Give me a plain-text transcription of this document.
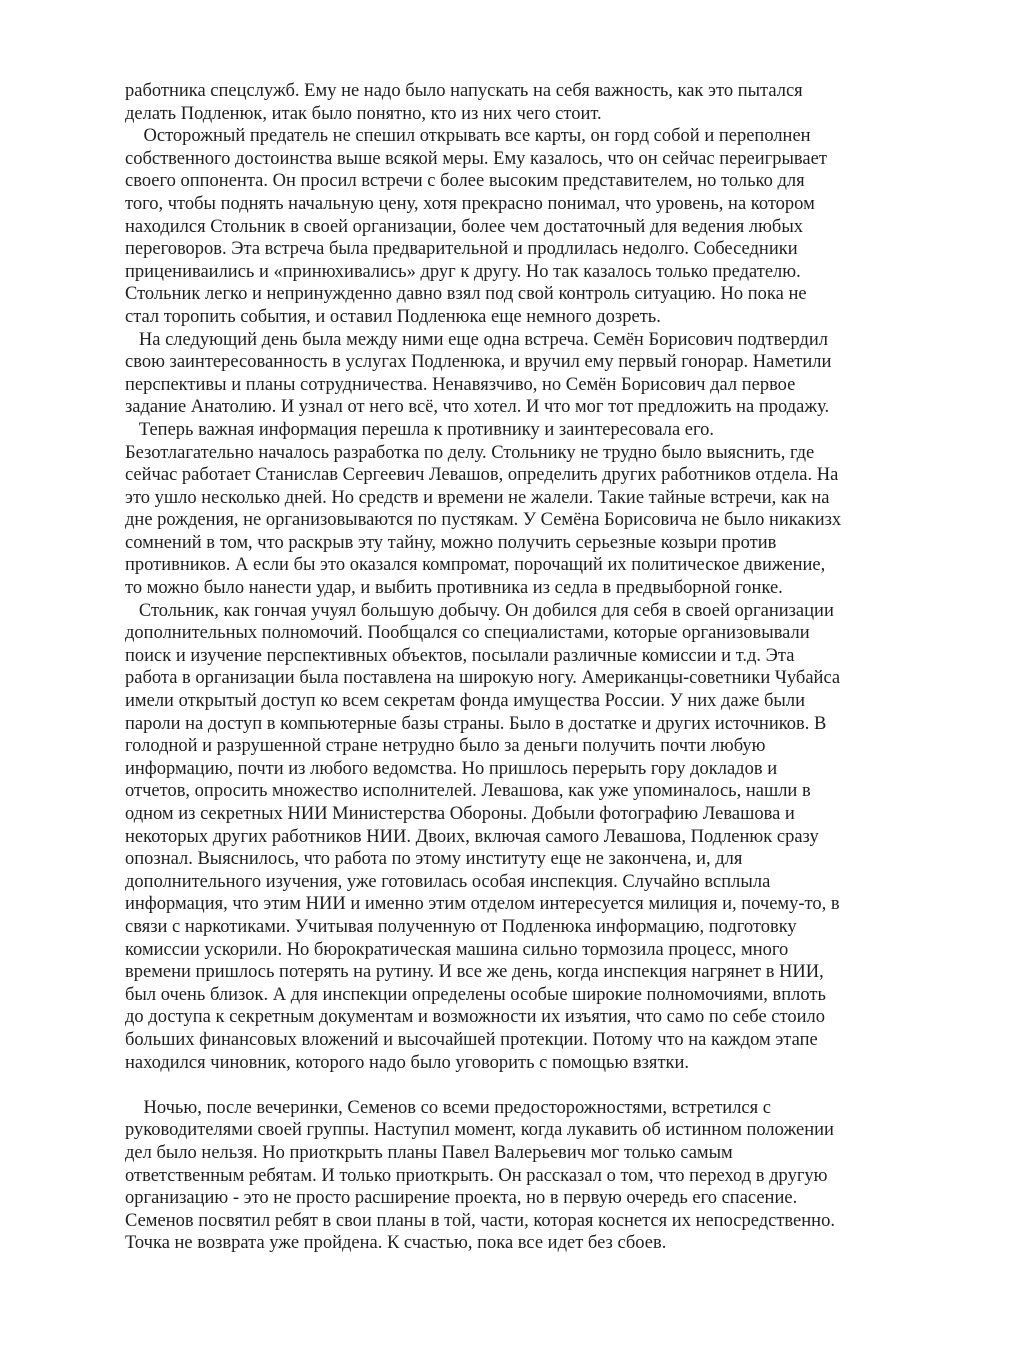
работника спецслужб. Ему не надо было напускать на себя важность, как это пытался
делать Подленюк, итак было понятно, кто из них чего стоит.
Осторожный предатель не спешил открывать все карты, он горд собой и переполнен
собственного достоинства выше всякой меры. Ему казалось, что он сейчас переигрывает
своего оппонента. Он просил встречи с более высоким представителем, но только для
того, чтобы поднять начальную цену, хотя прекрасно понимал, что уровень, на котором
находился Стольник в своей организации, более чем достаточный для ведения любых
переговоров. Эта встреча была предварительной и продлилась недолго. Собеседники
прицениваились и «принюхивались» друг к другу. Но так казалось только предателю.
Стольник легко и непринужденно давно взял под свой контроль ситуацию. Но пока не
стал торопить события, и оставил Подленюка еще немного дозреть.
На следующий день была между ними еще одна встреча. Семён Борисович подтвердил
свою заинтересованность в услугах Подленюка, и вручил ему первый гонорар. Наметили
перспективы и планы сотрудничества. Ненавязчиво, но Семён Борисович дал первое
задание Анатолию. И узнал от него всё, что хотел. И что мог тот предложить на продажу.
Теперь важная информация перешла к противнику и заинтересовала его.
Безотлагательно началось разработка по делу. Стольнику не трудно было выяснить, где
сейчас работает Станислав Сергеевич Левашов, определить других работников отдела. На
это ушло несколько дней. Но средств и времени не жалели. Такие тайные встречи, как на
дне рождения, не организовываются по пустякам. У Семёна Борисовича не было никакизх
сомнений в том, что раскрыв эту тайну, можно получить серьезные козыри против
противников. А если бы это оказался компромат, порочащий их политическое движение,
то можно было нанести удар, и выбить противника из седла в предвыборной гонке.
Стольник, как гончая учуял большую добычу. Он добился для себя в своей организации
дополнительных полномочий. Пообщался со специалистами, которые организовывали
поиск и изучение перспективных объектов, посылали различные комиссии и т.д. Эта
работа в организации была поставлена на широкую ногу. Американцы-советники Чубайса
имели открытый доступ ко всем секретам фонда имущества России. У них даже были
пароли на доступ в компьютерные базы страны. Было в достатке и других источников. В
голодной и разрушенной стране нетрудно было за деньги получить почти любую
информацию, почти из любого ведомства. Но пришлось перерыть гору докладов и
отчетов, опросить множество исполнителей. Левашова, как уже упоминалось, нашли в
одном из секретных НИИ Министерства Обороны. Добыли фотографию Левашова и
некоторых других работников НИИ. Двоих, включая самого Левашова, Подленюк сразу
опознал. Выяснилось, что работа по этому институту еще не закончена, и, для
дополнительного изучения, уже готовилась особая инспекция. Случайно всплыла
информация, что этим НИИ и именно этим отделом интересуется милиция и, почему-то, в
связи с наркотиками. Учитывая полученную от Подленюка информацию, подготовку
комиссии ускорили. Но бюрократическая машина сильно тормозила процесс, много
времени пришлось потерять на рутину. И все же день, когда инспекция нагрянет в НИИ,
был очень близок. А для инспекции определены особые широкие полномочиями, вплоть
до доступа к секретным документам и возможности их изъятия, что само по себе стоило
больших финансовых вложений и высочайшей протекции. Потому что на каждом этапе
находился чиновник, которого надо было уговорить с помощью взятки.
Ночью, после вечеринки, Семенов со всеми предосторожностями, встретился с
руководителями своей группы. Наступил момент, когда лукавить об истинном положении
дел было нельзя. Но приоткрыть планы Павел Валерьевич мог только самым
ответственным ребятам. И только приоткрыть. Он рассказал о том, что переход в другую
организацию - это не просто расширение проекта, но в первую очередь его спасение.
Семенов посвятил ребят в свои планы в той, части, которая коснется их непосредственно.
Точка не возврата уже пройдена. К счастью, пока все идет без сбоев.
